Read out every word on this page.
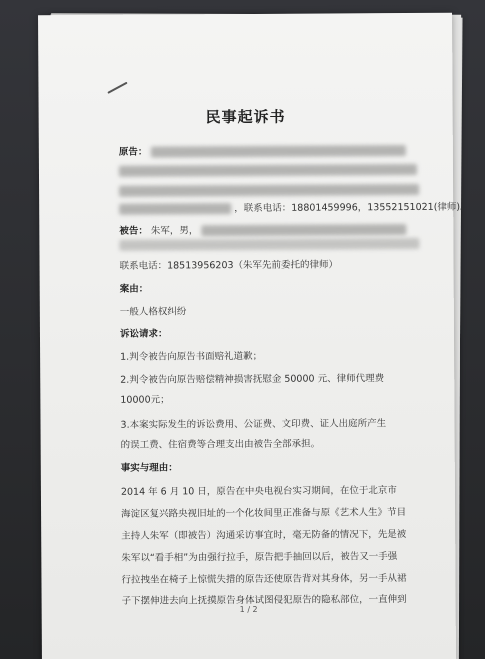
民事起诉书
原告：
，联系电话：18801459996，13552151021(律师)。
被告： 朱军，男，
联系电话：18513956203（朱军先前委托的律师）
案由：
一般人格权纠纷
诉讼请求：
1.判令被告向原告书面赔礼道歉；
2.判令被告向原告赔偿精神损害抚慰金 50000 元、律师代理费
10000元；
3.本案实际发生的诉讼费用、公证费、文印费、证人出庭所产生
的误工费、住宿费等合理支出由被告全部承担。
事实与理由：
2014 年 6 月 10 日，原告在中央电视台实习期间，在位于北京市
海淀区复兴路央视旧址的一个化妆间里正准备与原《艺术人生》节目
主持人朱军（即被告）沟通采访事宜时，毫无防备的情况下，先是被
朱军以“看手相”为由强行拉手，原告把手抽回以后，被告又一手强
行拉拽坐在椅子上惊慌失措的原告还使原告背对其身体，另一手从裙
子下摆伸进去向上抚摸原告身体试图侵犯原告的隐私部位，一直伸到
1 / 2
